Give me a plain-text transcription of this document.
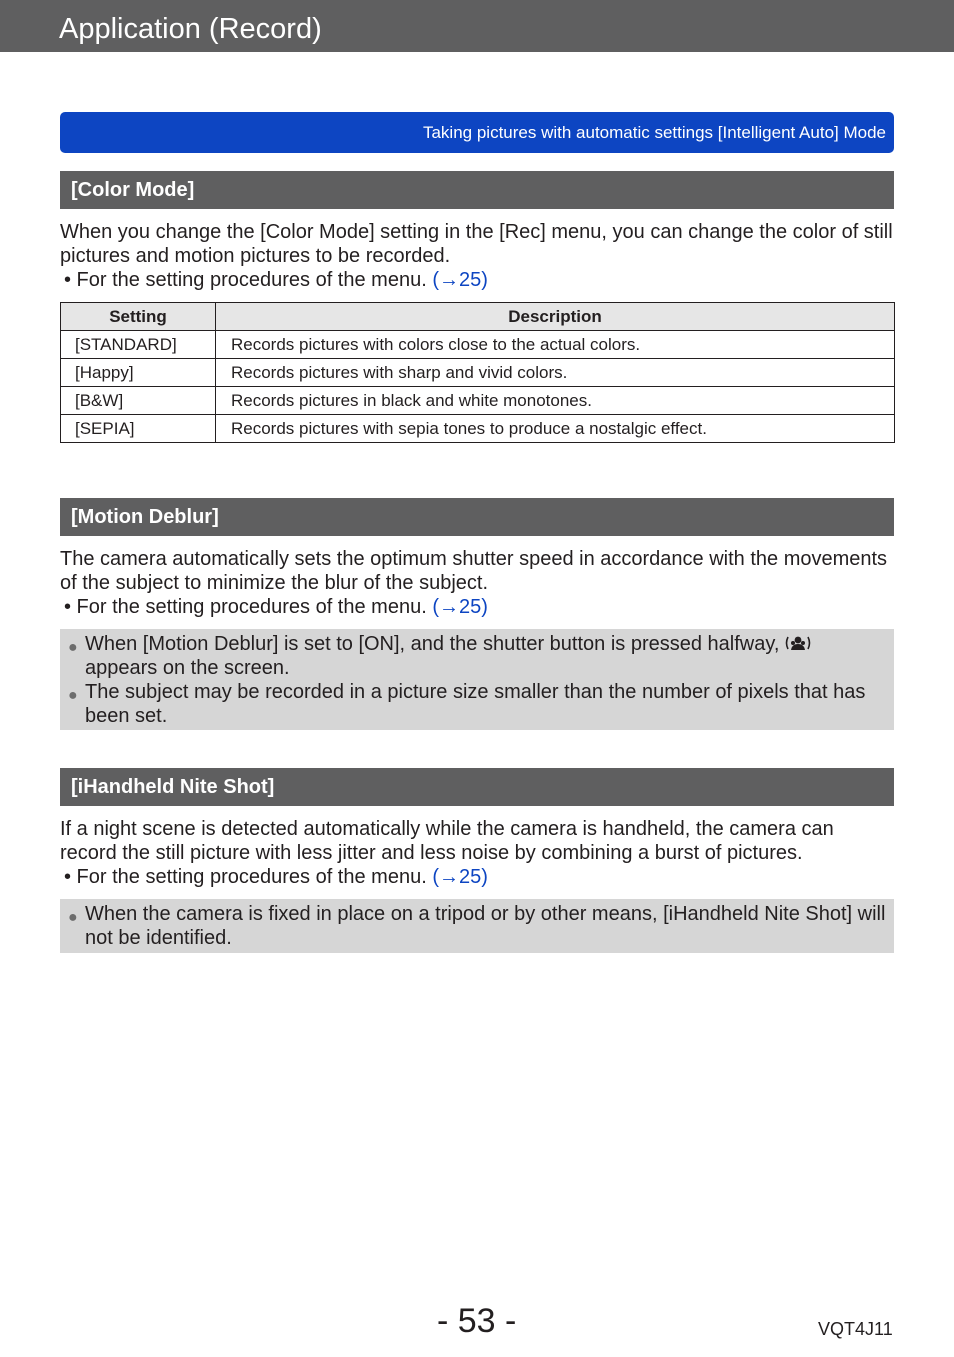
Application (Record)
Taking pictures with automatic settings [Intelligent Auto] Mode
[Color Mode]
When you change the [Color Mode] setting in the [Rec] menu, you can change the color of still pictures and motion pictures to be recorded.
• For the setting procedures of the menu. (→25)
Setting	Description
[STANDARD]	Records pictures with colors close to the actual colors.
[Happy]	Records pictures with sharp and vivid colors.
[B&W]	Records pictures in black and white monotones.
[SEPIA]	Records pictures with sepia tones to produce a nostalgic effect.
[Motion Deblur]
The camera automatically sets the optimum shutter speed in accordance with the movements of the subject to minimize the blur of the subject.
• For the setting procedures of the menu. (→25)
● When [Motion Deblur] is set to [ON], and the shutter button is pressed halfway,
appears on the screen.
● The subject may be recorded in a picture size smaller than the number of pixels that has been set.
[iHandheld Nite Shot]
If a night scene is detected automatically while the camera is handheld, the camera can record the still picture with less jitter and less noise by combining a burst of pictures.
• For the setting procedures of the menu. (→25)
● When the camera is fixed in place on a tripod or by other means, [iHandheld Nite Shot] will not be identified.
- 53 -	VQT4J11
